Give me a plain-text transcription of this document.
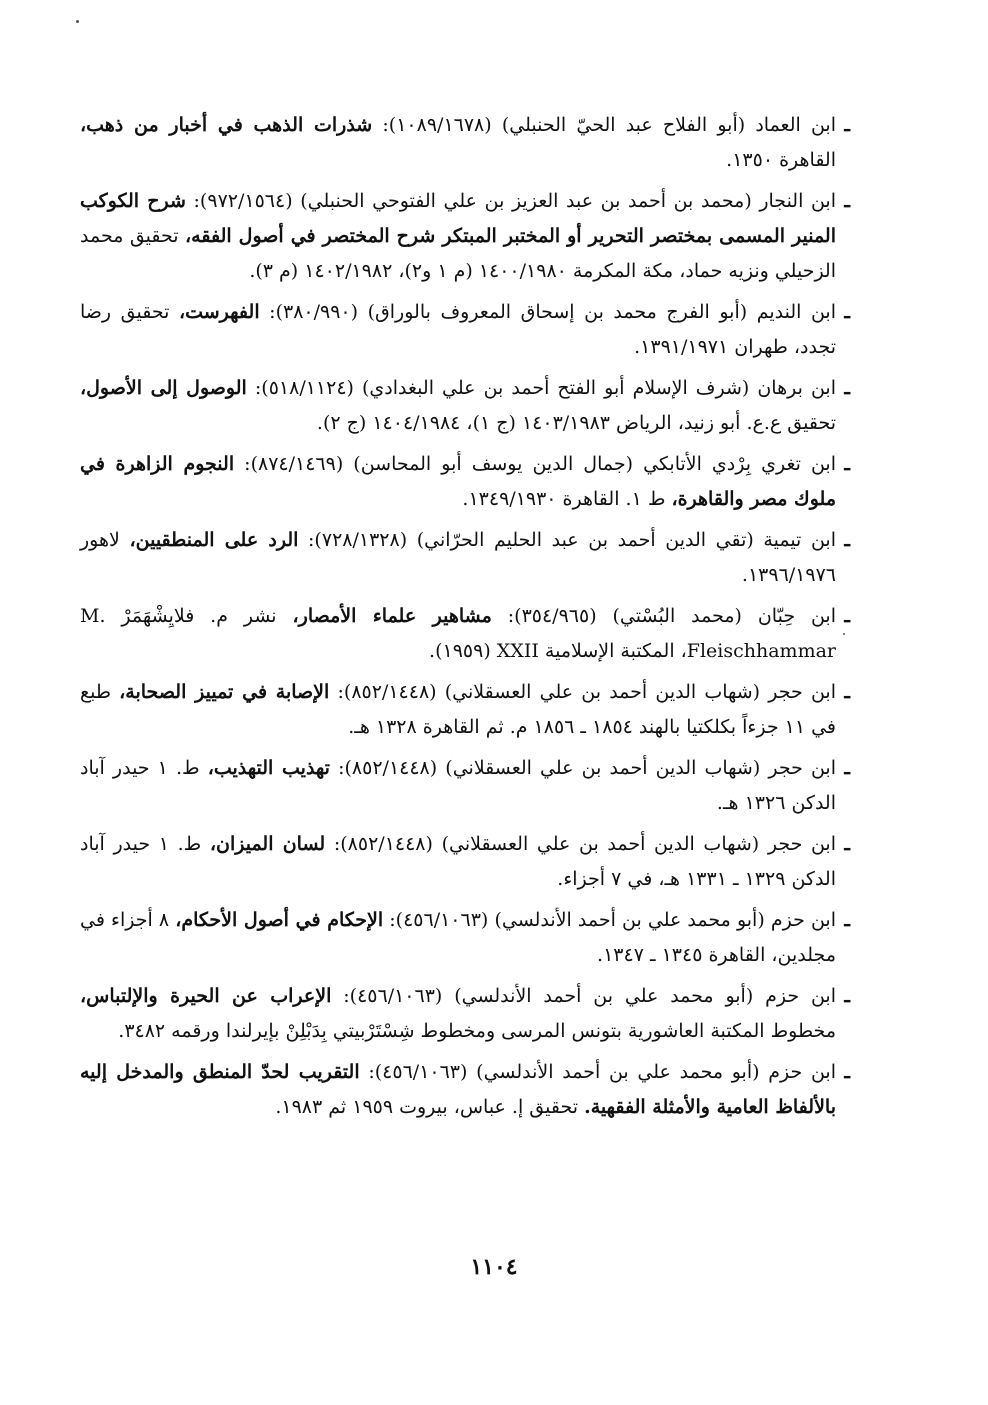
ـ
ابن العماد (أبو الفلاح عبد الحيّ الحنبلي) (١٠٨٩/١٦٧٨): شذرات الذهب في أخبار من ذهب، القاهرة ١٣٥٠.

ـ
ابن النجار (محمد بن أحمد بن عبد العزيز بن علي الفتوحي الحنبلي) (٩٧٢/١٥٦٤): شرح الكوكب المنير المسمى بمختصر التحرير أو المختبر المبتكر شرح المختصر في أصول الفقه، تحقيق محمد الزحيلي ونزيه حماد، مكة المكرمة ١٤٠٠/١٩٨٠ (م ١ و٢)، ١٤٠٢/١٩٨٢ (م ٣).

ـ
ابن النديم (أبو الفرج محمد بن إسحاق المعروف بالوراق) (٣٨٠/٩٩٠): الفهرست، تحقيق رضا تجدد، طهران ١٣٩١/١٩٧١.

ـ
ابن برهان (شرف الإسلام أبو الفتح أحمد بن علي البغدادي) (٥١٨/١١٢٤): الوصول إلى الأصول، تحقيق ع.ع. أبو زنيد، الرياض ١٤٠٣/١٩٨٣ (ج ١)، ١٤٠٤/١٩٨٤ (ج ٢).

ـ
ابن تغري بِرْدي الأتابكي (جمال الدين يوسف أبو المحاسن) (٨٧٤/١٤٦٩): النجوم الزاهرة في ملوك مصر والقاهرة، ط ١. القاهرة ١٣٤٩/١٩٣٠.

ـ
ابن تيمية (تقي الدين أحمد بن عبد الحليم الحرّاني) (٧٢٨/١٣٢٨): الرد على المنطقيين، لاهور ١٣٩٦/١٩٧٦.

ـ
ابن حِبّان (محمد البُسْتي) (٣٥٤/٩٦٥): مشاهير علماء الأمصار، نشر م. فلايِشْهَمَرْ M. Fleischhammar، المكتبة الإسلامية XXII (١٩٥٩).

ـ
ابن حجر (شهاب الدين أحمد بن علي العسقلاني) (٨٥٢/١٤٤٨): الإصابة في تمييز الصحابة، طبع في ١١ جزءاً بكلكتيا بالهند ١٨٥٤ ـ ١٨٥٦ م. ثم القاهرة ١٣٢٨ هـ.

ـ
ابن حجر (شهاب الدين أحمد بن علي العسقلاني) (٨٥٢/١٤٤٨): تهذيب التهذيب، ط. ١ حيدر آباد الدكن ١٣٢٦ هـ.

ـ
ابن حجر (شهاب الدين أحمد بن علي العسقلاني) (٨٥٢/١٤٤٨): لسان الميزان، ط. ١ حيدر آباد الدكن ١٣٢٩ ـ ١٣٣١ هـ، في ٧ أجزاء.

ـ
ابن حزم (أبو محمد علي بن أحمد الأندلسي) (٤٥٦/١٠٦٣): الإحكام في أصول الأحكام، ٨ أجزاء في مجلدين، القاهرة ١٣٤٥ ـ ١٣٤٧.

ـ
ابن حزم (أبو محمد علي بن أحمد الأندلسي) (٤٥٦/١٠٦٣): الإعراب عن الحيرة والإلتباس، مخطوط المكتبة العاشورية بتونس المرسى ومخطوط شِسْتَرْبيتي بِدَبْلِنْ بإيرلندا ورقمه ٣٤٨٢.

ـ
ابن حزم (أبو محمد علي بن أحمد الأندلسي) (٤٥٦/١٠٦٣): التقريب لحدّ المنطق والمدخل إليه بالألفاظ العامية والأمثلة الفقهية. تحقيق إ. عباس، بيروت ١٩٥٩ ثم ١٩٨٣.

١١٠٤
